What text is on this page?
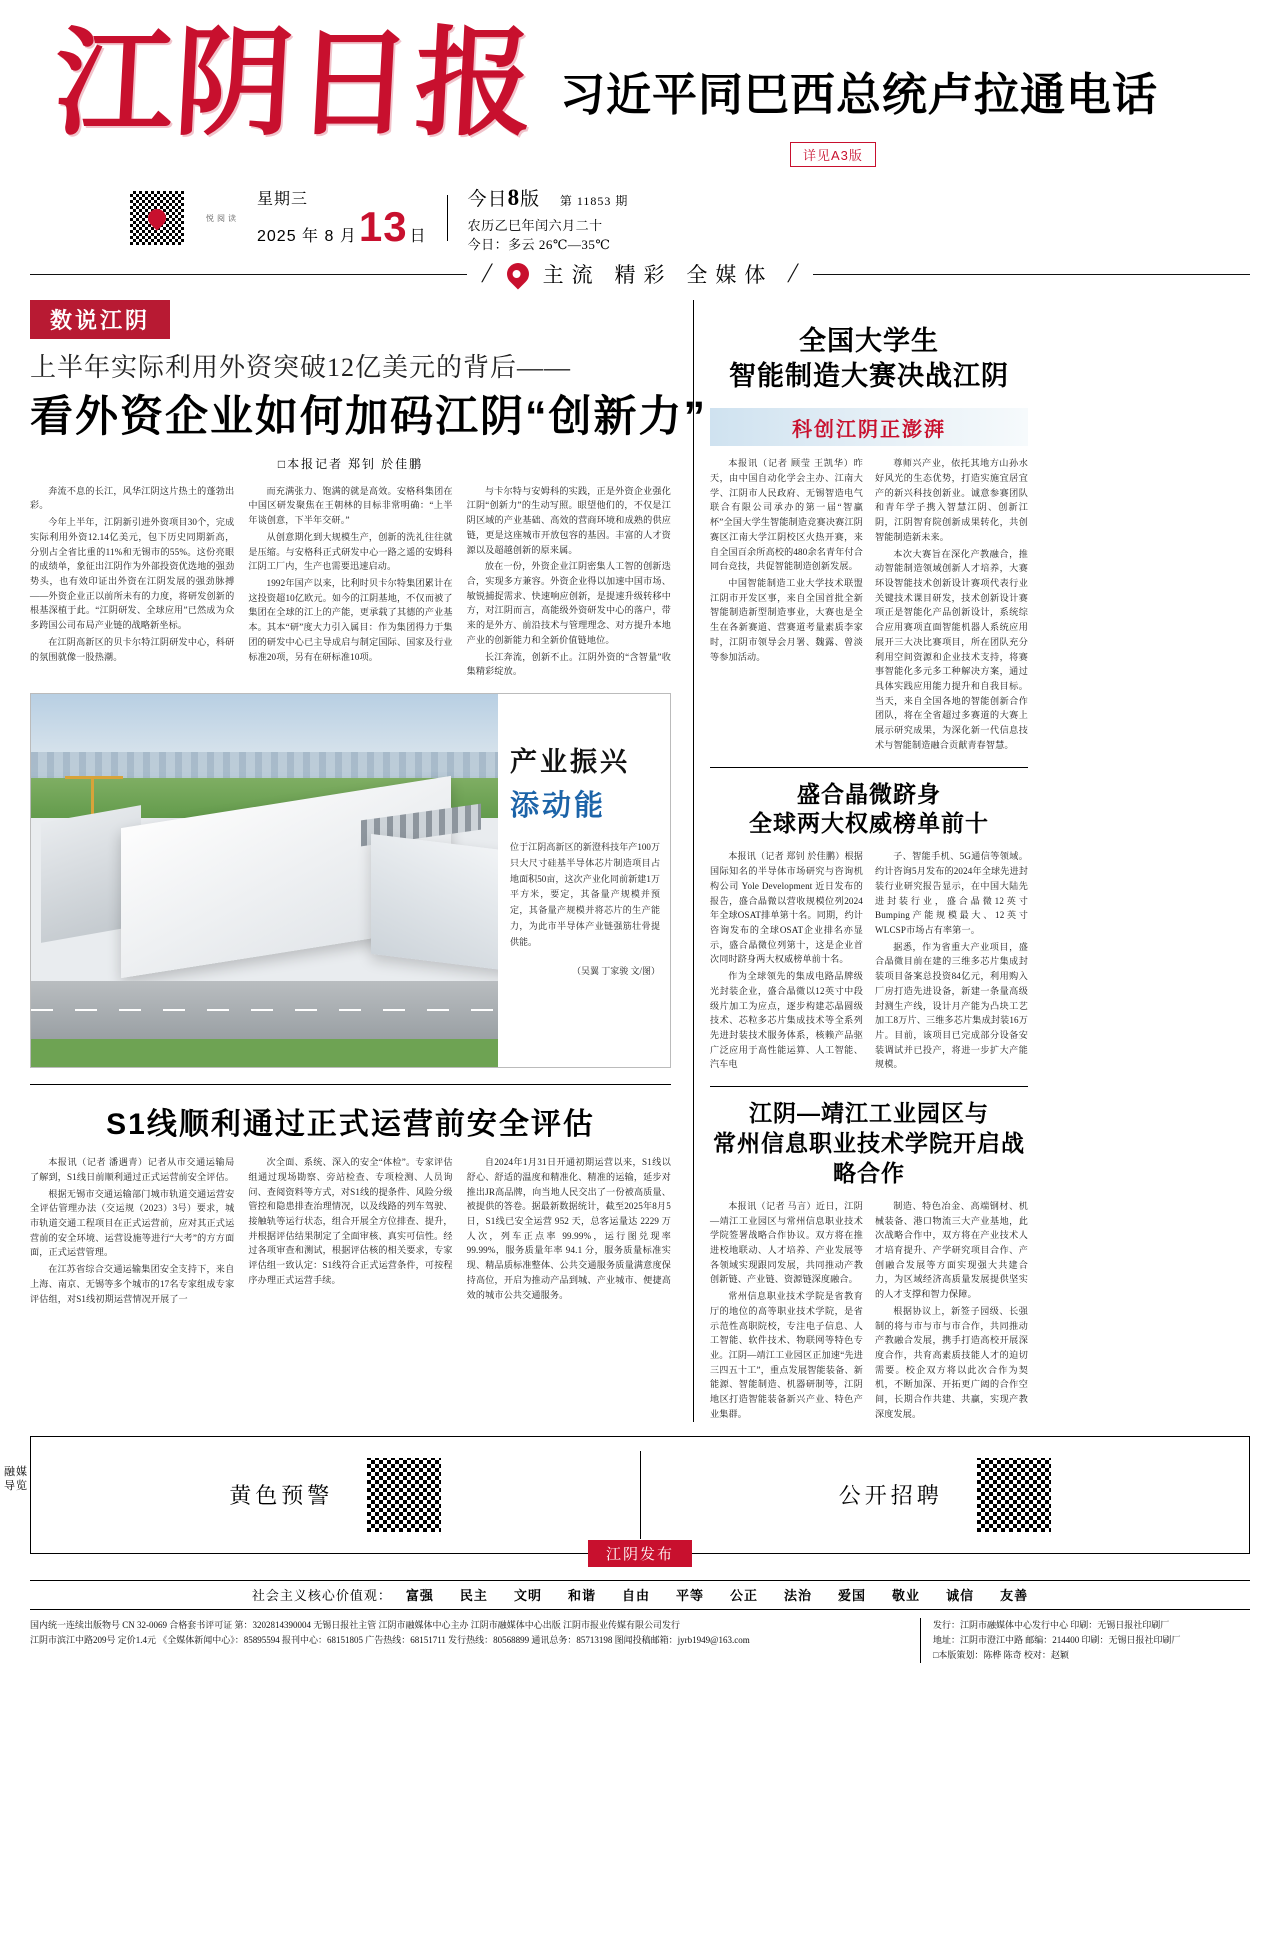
江阴日报 习近平同巴西总统卢拉通电话
详见A3版
悦阅读
星期三
2025 年
8 月 13 日
今日8版 第 11853 期
农历乙巳年闰六月二十
今日：多云 26℃—35℃
/ 主流 精彩 全媒体 /
数说江阴
上半年实际利用外资突破12亿美元的背后——
看外资企业如何加码江阴“创新力”
□本报记者 郑钊 於佳鹏
奔流不息的长江，风华江阴这片热土的蓬勃出彩。
今年上半年，江阴新引进外资项目30个，完成实际利用外资12.14亿美元，包下历史同期新高，分别占全省比重的11%和无锡市的55%。这份亮眼的成绩单，象征出江阴作为外部投资优选地的强劲势头，也有效印证出外资在江阴发展的强劲脉搏——外资企业正以前所未有的力度，将研发创新的根基深植于此。“江阴研发、全球应用”已然成为众多跨国公司布局产业链的战略新坐标。
在江阴高新区的贝卡尔特江阴研发中心，科研的氛围就像一股热潮。
而充满张力、饱满的就是高效。安格科集团在中国区研发聚焦在王朝林的目标非常明确：“上半年谈创意，下半年交研。”
从创意期化到大规模生产，创新的洗礼往往就是压缩。与安格科正式研发中心一路之遥的安姆科江阴工厂内，生产也需要迅速启动。
1992年国产以来，比利时贝卡尔特集团累计在这投资超10亿欧元。如今的江阴基地，不仅而被了集团在全球的江上的产能，更承载了其德的产业基本。其本“研”度大力引入属目：作为集团得力于集团的研发中心已主导成启与制定国际、国家及行业标准20项，另有在研标准10项。
与卡尔特与安姆科的实践，正是外资企业强化江阴“创新力”的生动写照。眼望他们的，不仅是江阴区域的产业基础、高效的营商环境和成熟的供应链，更是这座城市开放包容的基因。丰富的人才资源以及超越创新的原来属。
放在一份，外资企业江阴密集人工智的创新迭合，实现多方兼容。外资企业得以加速中国市场、敏锐捕捉需求、快速响应创新，是提速升级转移中方，对江阴而言，高能级外资研发中心的落户，带来的是外方、前沿技术与管理理念、对方提升本地产业的创新能力和全新价值链地位。
长江奔流，创新不止。江阴外资的“含智量”收集精彩绽放。
产业振兴
添动能
位于江阴高新区的新澄科技年产100万只大尺寸硅基半导体芯片制造项目占地面积50亩，这次产业化同前新建1万平方米，要定，其备量产规模并预定，其备量产规模并将芯片的生产能力，为此市半导体产业链强筋壮骨提供能。
（吴翼 丁家骏 文/图）
S1线顺利通过正式运营前安全评估
本报讯（记者 潘遇青）记者从市交通运输局了解到，S1线日前顺利通过正式运营前安全评估。
根据无锡市交通运输部门城市轨道交通运营安全评估管理办法（交运规（2023）3号）要求，城市轨道交通工程项目在正式运营前，应对其正式运营前的安全环境、运营设施等进行“大考”的方方面面，正式运营管理。
在江苏省综合交通运输集团安全支持下，来自上海、南京、无锡等多个城市的17名专家组成专家评估组，对S1线初期运营情况开展了一
次全面、系统、深入的安全“体检”。专家评估组通过现场勘察、旁站检查、专项检测、人员询问、查阅资料等方式，对S1线的提条件、风险分级管控和隐患排查治理情况，以及线路的列车驾驶、接触轨等运行状态，组合开展全方位排查、提升，并根据评估结果制定了全面审核、真实可信性。经过各项审查和测试，根据评估核的相关要求，专家评估组一致认定：S1线符合正式运营条件，可按程序办理正式运营手续。
自2024年1月31日开通初期运营以来，S1线以舒心、舒适的温度和精准化、精准的运输，延步对推出JR高品牌，向当地人民交出了一份被高质量、被提供的答卷。据最新数据统计，截至2025年8月5日，S1线已安全运营 952 天，总客运量达 2229 万人次，列车正点率 99.99%，运行图兑现率99.99%，服务质量年率 94.1 分，服务质量标准实现、精品质标准整体、公共交通服务质量满意度保持高位，开启为推动产品到城、产业城市、便捷高效的城市公共交通服务。
全国大学生
智能制造大赛决战江阴
科创江阴正澎湃
本报讯（记者 顾莹 王凯华）昨天，由中国自动化学会主办、江南大学、江阴市人民政府、无锡智造电气联合有限公司承办的第一届“智赢杯”全国大学生智能制造竞赛决赛江阴赛区江南大学江阴校区火热开赛，来自全国百余所高校的480余名青年付合同台竞技，共促智能制造创新发展。
中国智能制造工业大学技术联盟江阴市开发区事，来自全国首批全新智能制造新型制造事业，大赛也是全生在各新赛道、营赛道考量素质李家时，江阴市领导会月署、魏露、曾淡等参加活动。
尊师兴产业，依托其地方山孙水好风光的生态优势，打造实施宜居宜产的新兴科技创新业。诚意参赛团队和青年学子携入智慧江阴、创新江阴，江阴智育院创新成果转化，共创智能制造新未来。
本次大赛旨在深化产教融合，推动智能制造领域创新人才培养，大赛环设智能技术创新设计赛项代表行业关键技术课目研发，技术创新设计赛项正是智能化产品创新设计，系统综合应用赛项直面智能机器人系统应用展开三大决比赛项目，所在团队充分利用空间资源和企业技术支持，将赛事智能化多元多工种解决方案，通过具体实践应用能力提升和自我目标。当天，来自全国各地的智能创新合作团队，将在全省超过多赛道的大赛上展示研究成果，为深化新一代信息技术与智能制造融合贡献青春智慧。
盛合晶微跻身
全球两大权威榜单前十
本报讯（记者 郑钊 於佳鹏）根据国际知名的半导体市场研究与咨询机构公司 Yole Development 近日发布的报告，盛合晶微以营收规模位列2024年全球OSAT排单第十名。同期，约计咨询发布的全球OSAT企业排名亦显示，盛合晶微位列第十，这是企业首次同时跻身两大权威榜单前十名。
作为全球领先的集成电路品牌级光封装企业，盛合晶微以12英寸中段级片加工为应点，逐步构建芯晶圆级技术、芯粒多芯片集成技术等全系列先进封装技术服务体系，核赖产品驱广泛应用于高性能运算、人工智能、汽车电
子、智能手机、5G通信等领域。约计咨询5月发布的2024年全球先进封装行业研究报告显示，在中国大陆先进封装行业，盛合晶微12英寸Bumping产能规模最大、12英寸WLCSP市场占有率第一。
据悉，作为省重大产业项目，盛合晶微目前在建的三维多芯片集成封装项目备案总投资84亿元，利用购入厂房打造先进设备，新建一条量高级封测生产线，设计月产能为凸块工艺加工8万片、三维多芯片集成封装16万片。目前，该项目已完成部分设备安装调试并已投产，将进一步扩大产能规模。
江阴—靖江工业园区与
常州信息职业技术学院开启战略合作
本报讯（记者 马言）近日，江阴—靖江工业园区与常州信息职业技术学院签署战略合作协议。双方将在推进校地联动、人才培养、产业发展等各领域实现跟同发展，共同推动产教创新链、产业链、资源链深度融合。
常州信息职业技术学院是省教育厅的地位的高等职业技术学院，是省示范性高职院校，专注电子信息、人工智能、软件技术、物联网等特色专业。江阴—靖江工业园区正加速“先进三四五十工”，重点发展智能装备、新能源、智能制造、机器研制等，江阴地区打造智能装备新兴产业、特色产业集群。
制造、特色冶金、高端钢材、机械装备、港口物流三大产业基地，此次战略合作中，双方将在产业技术人才培育提升、产学研究项目合作、产创融合发展等方面实现强大共建合力，为区域经济高质量发展提供坚实的人才支撑和智力保障。
根据协议上，新签子园级、长强制的将与市与市与市合作，共同推动产教融合发展，携手打造高校开展深度合作，共育高素质技能人才的迫切需要。校企双方将以此次合作为契机，不断加深、开拓更广阔的合作空间，长期合作共建、共赢，实现产教深度发展。
融媒导览	黄色预警	公开招聘
江阴发布
社会主义核心价值观： 富强 民主 文明 和谐 自由 平等 公正 法治 爱国 敬业 诚信 友善
国内统一连续出版物号 CN 32-0069 合格套书评可证 第：3202814390004 无锡日报社主管 江阴市融媒体中心主办 江阴市融媒体中心出版 江阴市报业传媒有限公司发行
江阴市滨江中路209号 定价1.4元 《全媒体新闻中心》：85895594 报刊中心：68151805 广告热线：68151711 发行热线：80568899 通讯总务：85713198 图闻投稿邮箱：jyrb1949@163.com
发行：江阴市融媒体中心发行中心 印刷：无锡日报社印刷厂
地址：江阴市澄江中路 邮编：214400 印刷：无锡日报社印刷厂
□本版策划：陈桦 陈奇 校对：赵颖
